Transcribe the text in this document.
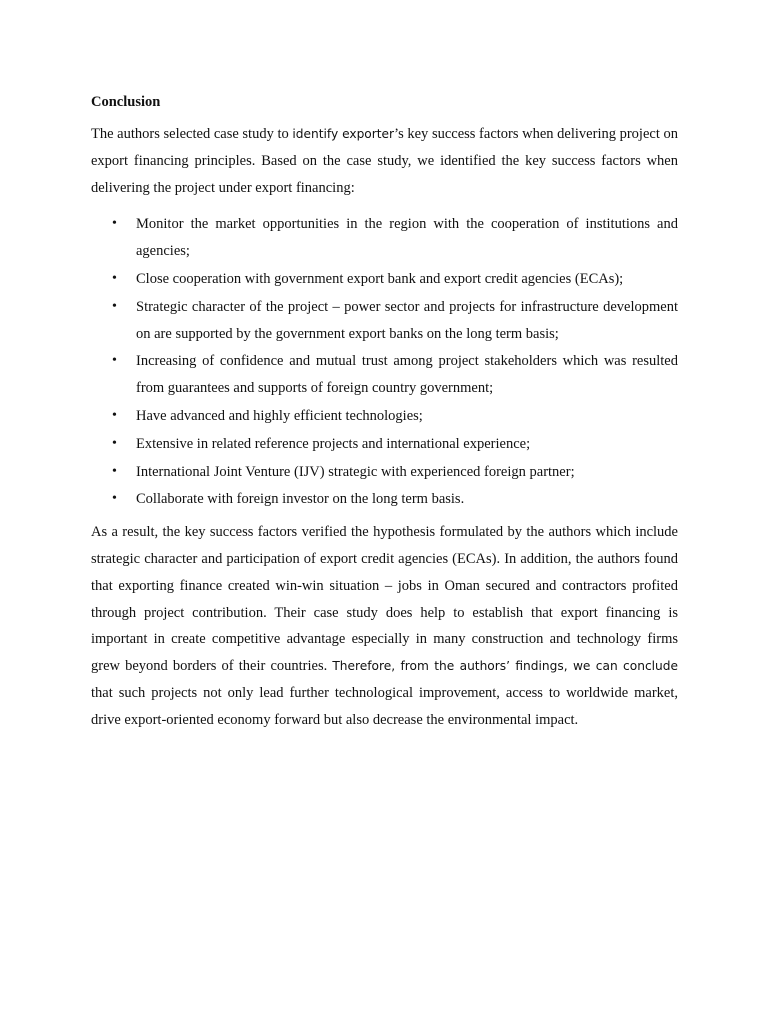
Conclusion

The authors selected case study to identify exporter’s key success factors when delivering project on export financing principles. Based on the case study, we identified the key success factors when delivering the project under export financing:

• Monitor the market opportunities in the region with the cooperation of institutions and agencies;
• Close cooperation with government export bank and export credit agencies (ECAs);
• Strategic character of the project – power sector and projects for infrastructure development on are supported by the government export banks on the long term basis;
• Increasing of confidence and mutual trust among project stakeholders which was resulted from guarantees and supports of foreign country government;
• Have advanced and highly efficient technologies;
• Extensive in related reference projects and international experience;
• International Joint Venture (IJV) strategic with experienced foreign partner;
• Collaborate with foreign investor on the long term basis.

As a result, the key success factors verified the hypothesis formulated by the authors which include strategic character and participation of export credit agencies (ECAs). In addition, the authors found that exporting finance created win-win situation – jobs in Oman secured and contractors profited through project contribution. Their case study does help to establish that export financing is important in create competitive advantage especially in many construction and technology firms grew beyond borders of their countries. Therefore, from the authors’ findings, we can conclude that such projects not only lead further technological improvement, access to worldwide market, drive export-oriented economy forward but also decrease the environmental impact.
